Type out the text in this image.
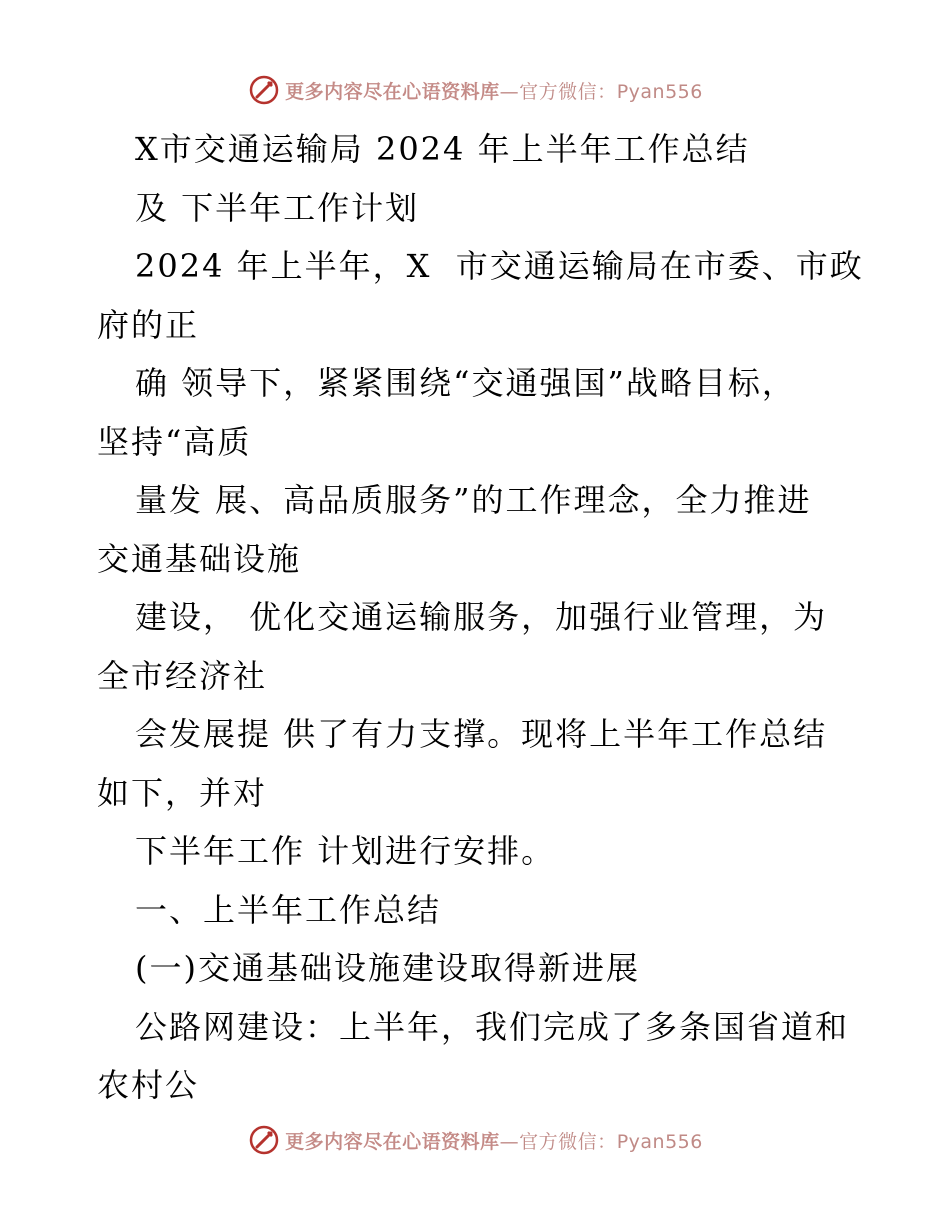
更多内容尽在心语资料库—官方微信：Pyan556
X市交通运输局 2024 年上半年工作总结
及 下半年工作计划
2024 年上半年，X  市交通运输局在市委、市政
府的正
确 领导下，紧紧围绕“交通强国”战略目标，
坚持“高质
量发 展、高品质服务”的工作理念，全力推进
交通基础设施
建设， 优化交通运输服务，加强行业管理，为
全市经济社
会发展提 供了有力支撑。现将上半年工作总结
如下，并对
下半年工作 计划进行安排。
一、上半年工作总结
(一)交通基础设施建设取得新进展
公路网建设：上半年，我们完成了多条国省道和
农村公
更多内容尽在心语资料库—官方微信：Pyan556
